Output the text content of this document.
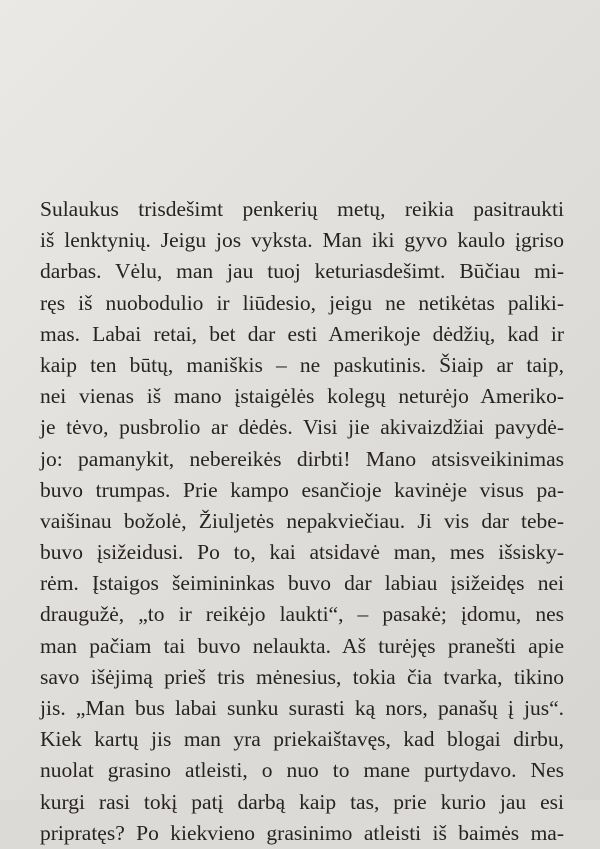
Sulaukus trisdešimt penkerių metų, reikia pasitraukti
iš lenktynių. Jeigu jos vyksta. Man iki gyvo kaulo įgriso
darbas. Vėlu, man jau tuoj keturiasdešimt. Būčiau mi-
ręs iš nuobodulio ir liūdesio, jeigu ne netikėtas paliki-
mas. Labai retai, bet dar esti Amerikoje dėdžių, kad ir
kaip ten būtų, maniškis – ne paskutinis. Šiaip ar taip,
nei vienas iš mano įstaigėlės kolegų neturėjo Ameriko-
je tėvo, pusbrolio ar dėdės. Visi jie akivaizdžiai pavydė-
jo: pamanykit, nebereikės dirbti! Mano atsisveikinimas
buvo trumpas. Prie kampo esančioje kavinėje visus pa-
vaišinau božolė, Žiuljetės nepakviečiau. Ji vis dar tebe-
buvo įsižeidusi. Po to, kai atsidavė man, mes išsisky-
rėm. Įstaigos šeimininkas buvo dar labiau įsižeidęs nei
draugužė, „to ir reikėjo laukti“, – pasakė; įdomu, nes
man pačiam tai buvo nelaukta. Aš turėjęs pranešti apie
savo išėjimą prieš tris mėnesius, tokia čia tvarka, tikino
jis. „Man bus labai sunku surasti ką nors, panašų į jus“.
Kiek kartų jis man yra priekaištavęs, kad blogai dirbu,
nuolat grasino atleisti, o nuo to mane purtydavo. Nes
kurgi rasi tokį patį darbą kaip tas, prie kurio jau esi
pripratęs? Po kiekvieno grasinimo atleisti iš baimės ma-
